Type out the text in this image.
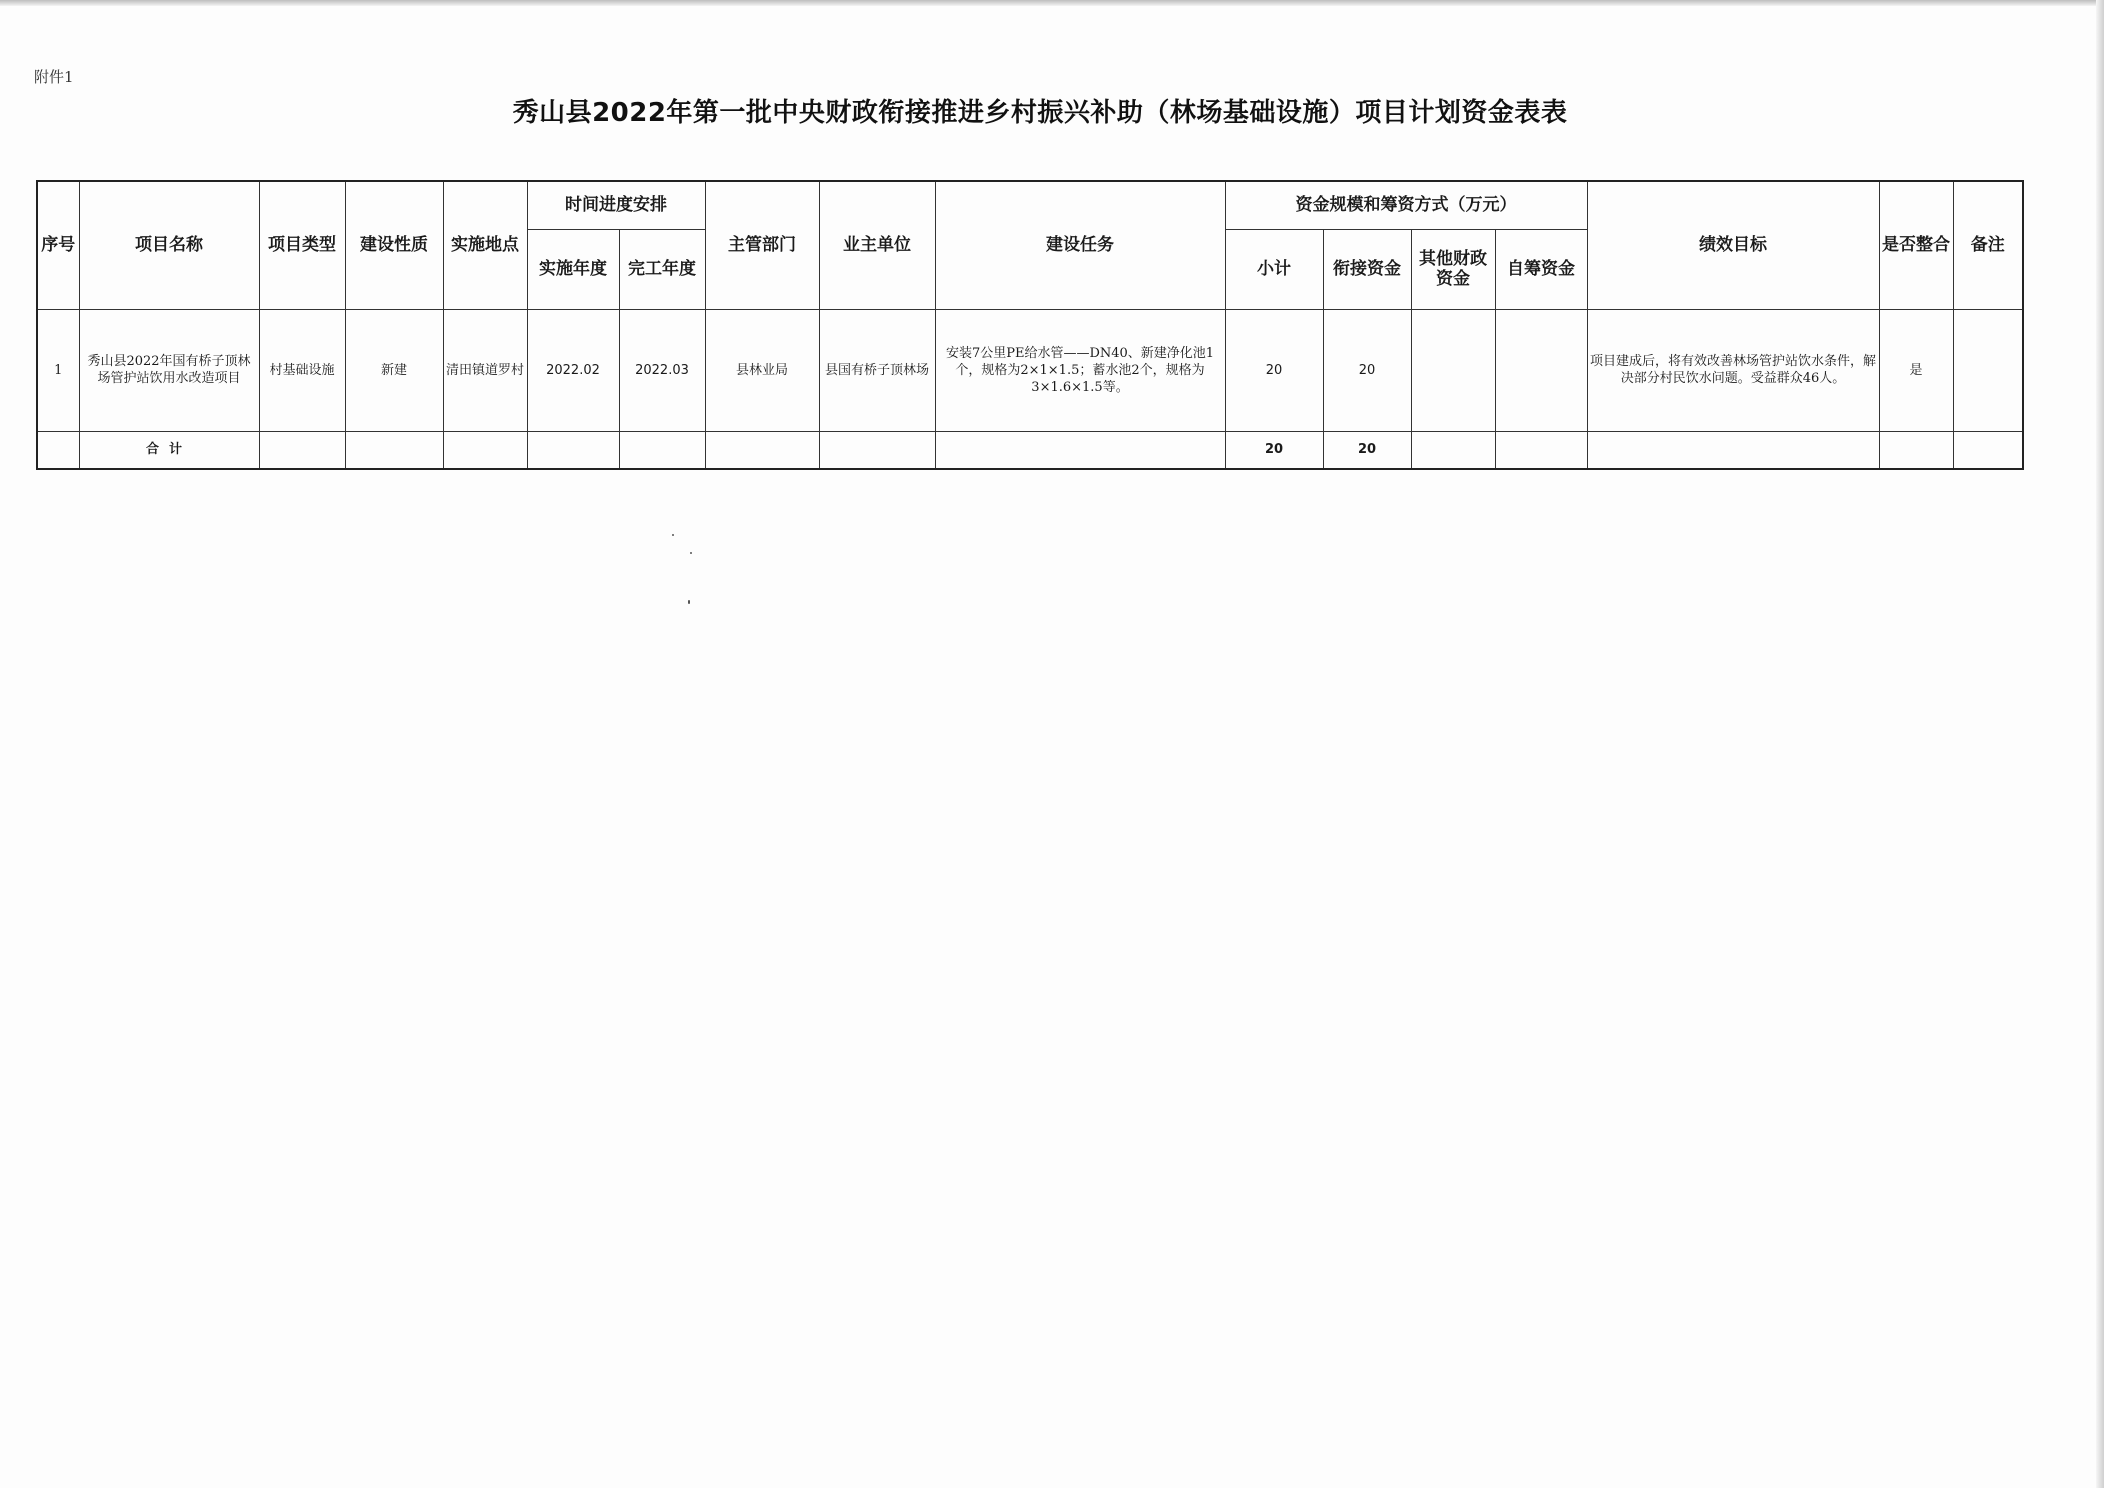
附件1
秀山县2022年第一批中央财政衔接推进乡村振兴补助（林场基础设施）项目计划资金表表
序号	项目名称	项目类型	建设性质	实施地点	时间进度安排		主管部门	业主单位	建设任务	资金规模和筹资方式（万元）				绩效目标	是否整合	备注
					实施年度	完工年度				小计	衔接资金	其他财政资金	自筹资金			
1	秀山县2022年国有桥子顶林场管护站饮用水改造项目	村基础设施	新建	清田镇道罗村	2022.02	2022.03	县林业局	县国有桥子顶林场	安装7公里PE给水管——DN40、新建净化池1个，规格为2×1×1.5；蓄水池2个，规格为3×1.6×1.5等。	20	20			项目建成后，将有效改善林场管护站饮水条件，解决部分村民饮水问题。受益群众46人。	是	
	合计									20	20					
